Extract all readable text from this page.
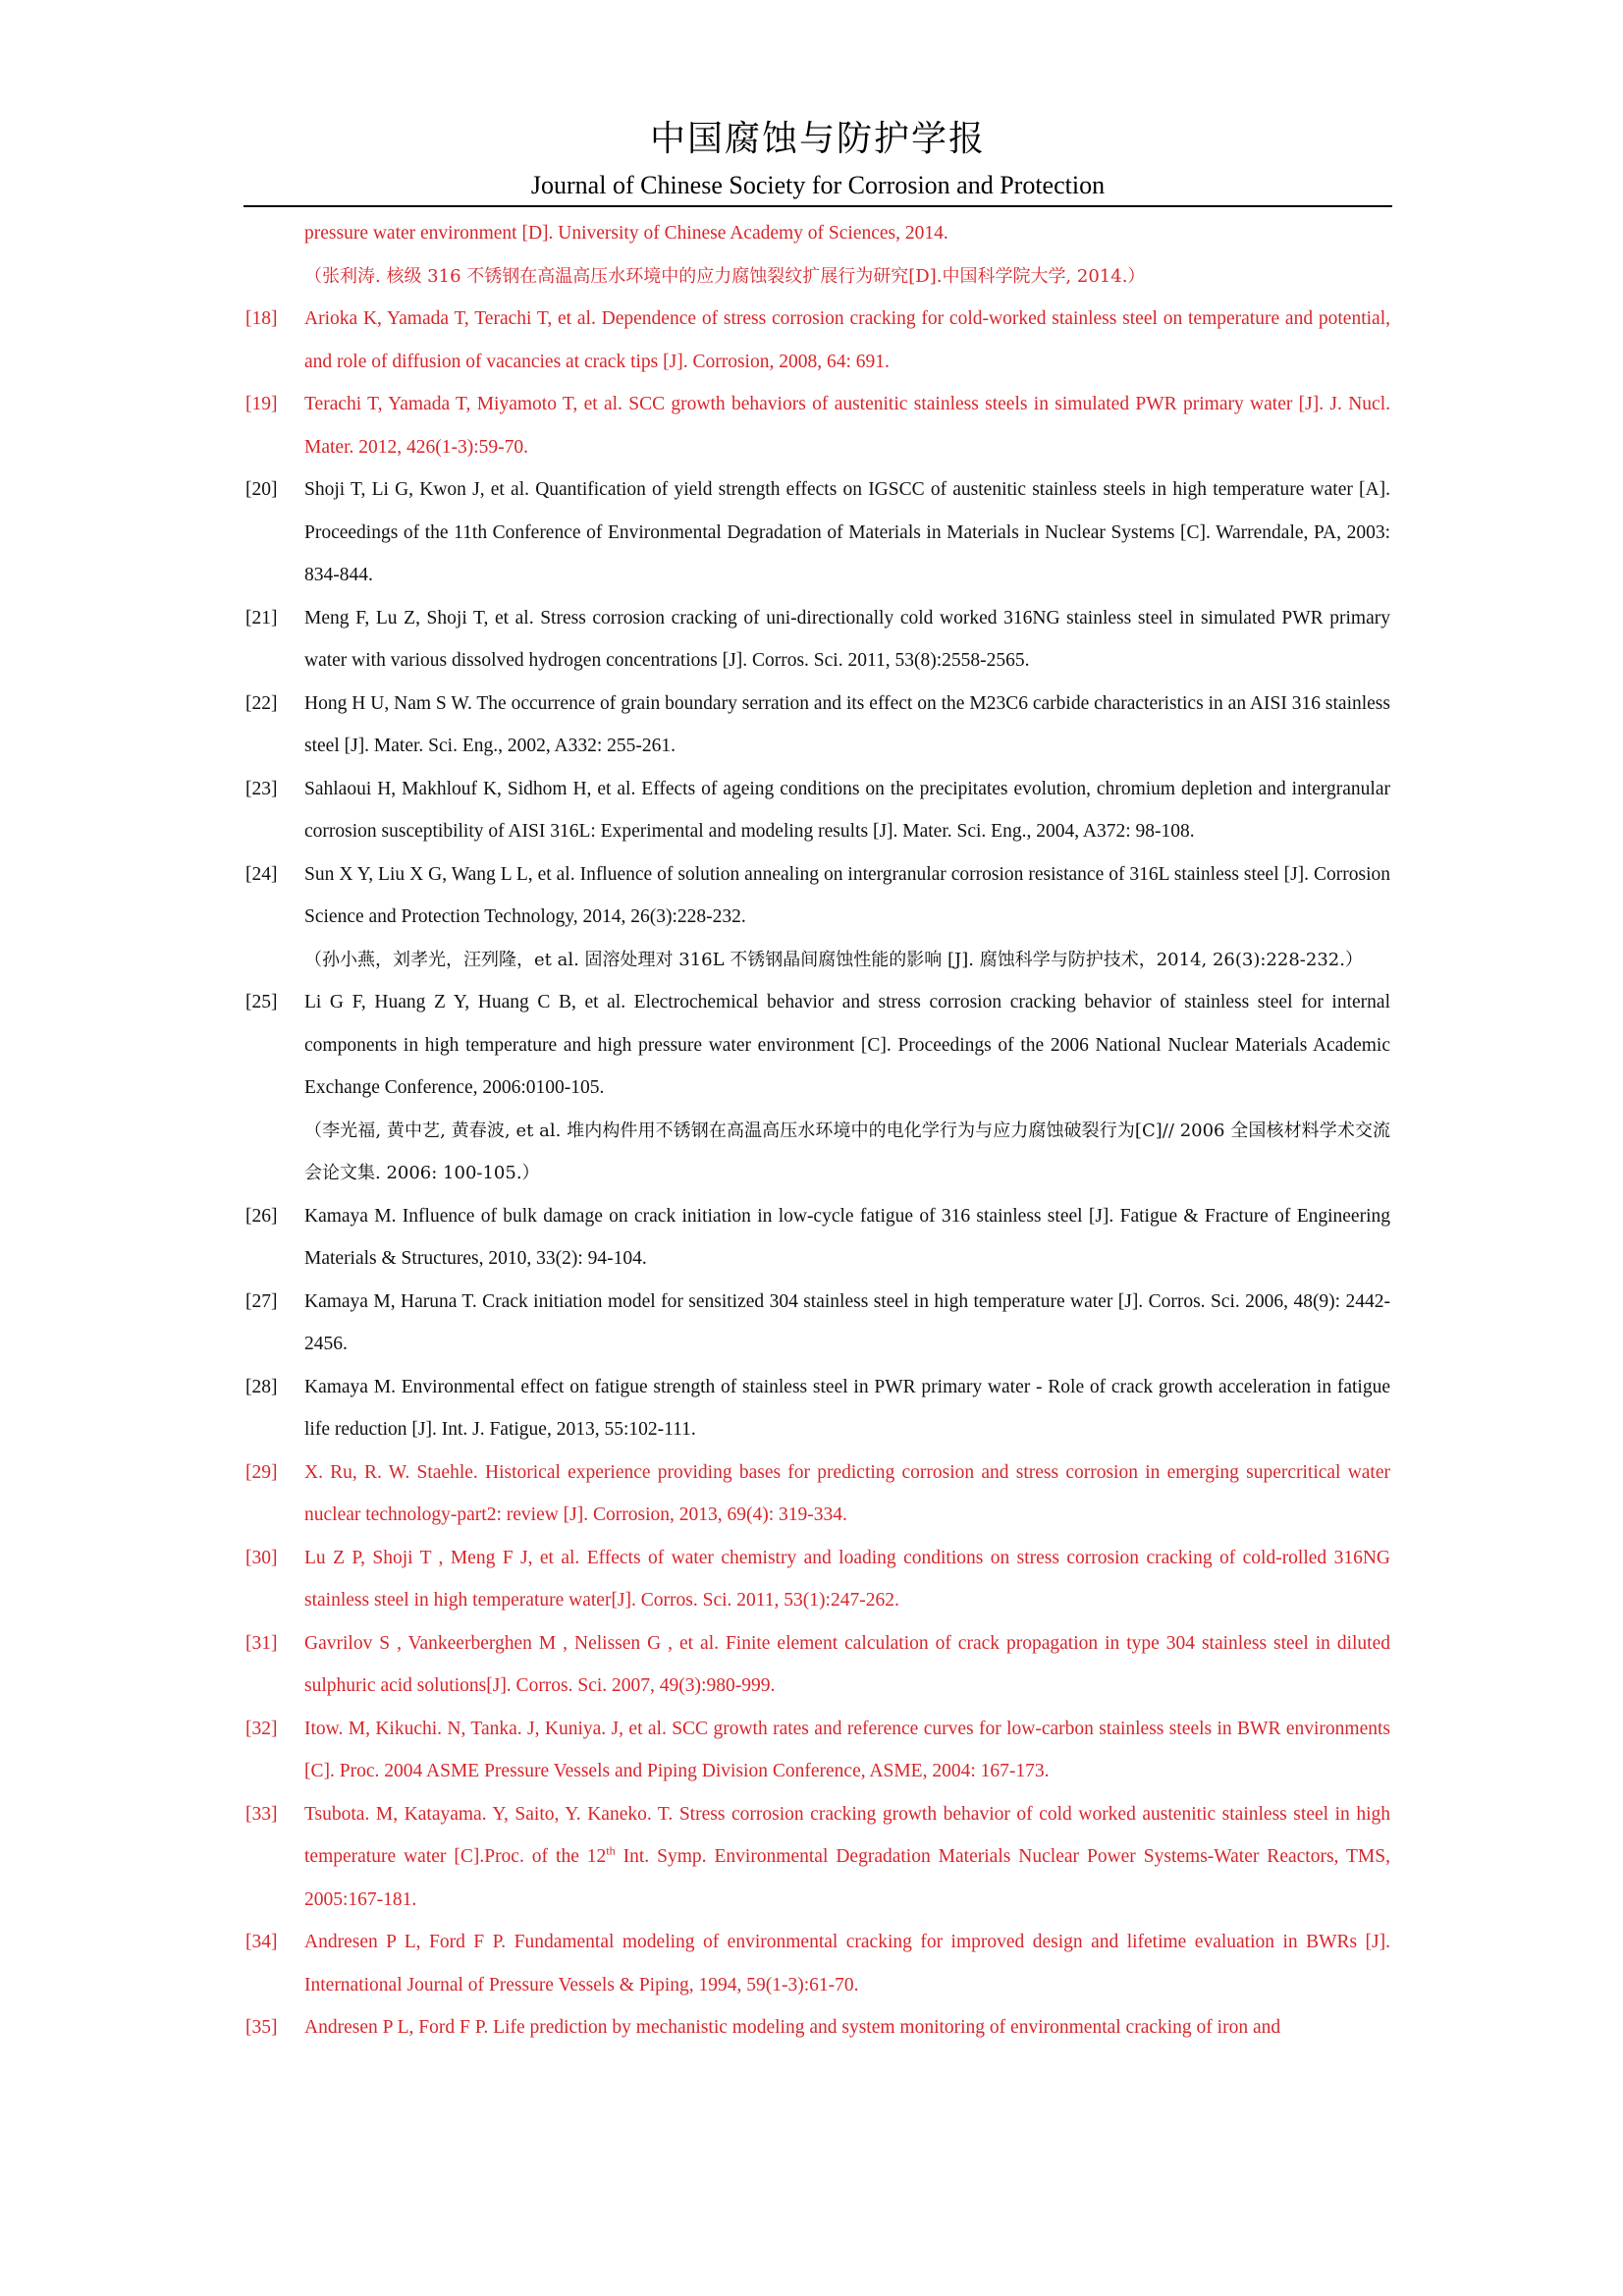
中国腐蚀与防护学报
Journal of Chinese Society for Corrosion and Protection
pressure water environment [D]. University of Chinese Academy of Sciences, 2014.
（张利涛. 核级 316 不锈钢在高温高压水环境中的应力腐蚀裂纹扩展行为研究[D].中国科学院大学, 2014.）
[18] Arioka K, Yamada T, Terachi T, et al. Dependence of stress corrosion cracking for cold-worked stainless steel on temperature and potential, and role of diffusion of vacancies at crack tips [J]. Corrosion, 2008, 64: 691.
[19] Terachi T, Yamada T, Miyamoto T, et al. SCC growth behaviors of austenitic stainless steels in simulated PWR primary water [J]. J. Nucl. Mater. 2012, 426(1-3):59-70.
[20] Shoji T, Li G, Kwon J, et al. Quantification of yield strength effects on IGSCC of austenitic stainless steels in high temperature water [A]. Proceedings of the 11th Conference of Environmental Degradation of Materials in Materials in Nuclear Systems [C]. Warrendale, PA, 2003: 834-844.
[21] Meng F, Lu Z, Shoji T, et al. Stress corrosion cracking of uni-directionally cold worked 316NG stainless steel in simulated PWR primary water with various dissolved hydrogen concentrations [J]. Corros. Sci. 2011, 53(8):2558-2565.
[22] Hong H U, Nam S W. The occurrence of grain boundary serration and its effect on the M23C6 carbide characteristics in an AISI 316 stainless steel [J]. Mater. Sci. Eng., 2002, A332: 255-261.
[23] Sahlaoui H, Makhlouf K, Sidhom H, et al. Effects of ageing conditions on the precipitates evolution, chromium depletion and intergranular corrosion susceptibility of AISI 316L: Experimental and modeling results [J]. Mater. Sci. Eng., 2004, A372: 98-108.
[24] Sun X Y, Liu X G, Wang L L, et al. Influence of solution annealing on intergranular corrosion resistance of 316L stainless steel [J]. Corrosion Science and Protection Technology, 2014, 26(3):228-232.
（孙小燕，刘孝光，汪列隆，et al. 固溶处理对 316L 不锈钢晶间腐蚀性能的影响 [J]. 腐蚀科学与防护技术，2014, 26(3):228-232.）
[25] Li G F, Huang Z Y, Huang C B, et al. Electrochemical behavior and stress corrosion cracking behavior of stainless steel for internal components in high temperature and high pressure water environment [C]. Proceedings of the 2006 National Nuclear Materials Academic Exchange Conference, 2006:0100-105.
（李光福, 黄中艺, 黄春波, et al. 堆内构件用不锈钢在高温高压水环境中的电化学行为与应力腐蚀破裂行为[C]// 2006 全国核材料学术交流会论文集. 2006: 100-105.）
[26] Kamaya M. Influence of bulk damage on crack initiation in low-cycle fatigue of 316 stainless steel [J]. Fatigue & Fracture of Engineering Materials & Structures, 2010, 33(2): 94-104.
[27] Kamaya M, Haruna T. Crack initiation model for sensitized 304 stainless steel in high temperature water [J]. Corros. Sci. 2006, 48(9): 2442-2456.
[28] Kamaya M. Environmental effect on fatigue strength of stainless steel in PWR primary water - Role of crack growth acceleration in fatigue life reduction [J]. Int. J. Fatigue, 2013, 55:102-111.
[29] X. Ru, R. W. Staehle. Historical experience providing bases for predicting corrosion and stress corrosion in emerging supercritical water nuclear technology-part2: review [J]. Corrosion, 2013, 69(4): 319-334.
[30] Lu Z P, Shoji T , Meng F J, et al. Effects of water chemistry and loading conditions on stress corrosion cracking of cold-rolled 316NG stainless steel in high temperature water[J]. Corros. Sci. 2011, 53(1):247-262.
[31] Gavrilov S , Vankeerberghen M , Nelissen G , et al. Finite element calculation of crack propagation in type 304 stainless steel in diluted sulphuric acid solutions[J]. Corros. Sci. 2007, 49(3):980-999.
[32] Itow. M, Kikuchi. N, Tanka. J, Kuniya. J, et al. SCC growth rates and reference curves for low-carbon stainless steels in BWR environments [C]. Proc. 2004 ASME Pressure Vessels and Piping Division Conference, ASME, 2004: 167-173.
[33] Tsubota. M, Katayama. Y, Saito, Y. Kaneko. T. Stress corrosion cracking growth behavior of cold worked austenitic stainless steel in high temperature water [C].Proc. of the 12th Int. Symp. Environmental Degradation Materials Nuclear Power Systems-Water Reactors, TMS, 2005:167-181.
[34] Andresen P L, Ford F P. Fundamental modeling of environmental cracking for improved design and lifetime evaluation in BWRs [J]. International Journal of Pressure Vessels & Piping, 1994, 59(1-3):61-70.
[35] Andresen P L, Ford F P. Life prediction by mechanistic modeling and system monitoring of environmental cracking of iron and
